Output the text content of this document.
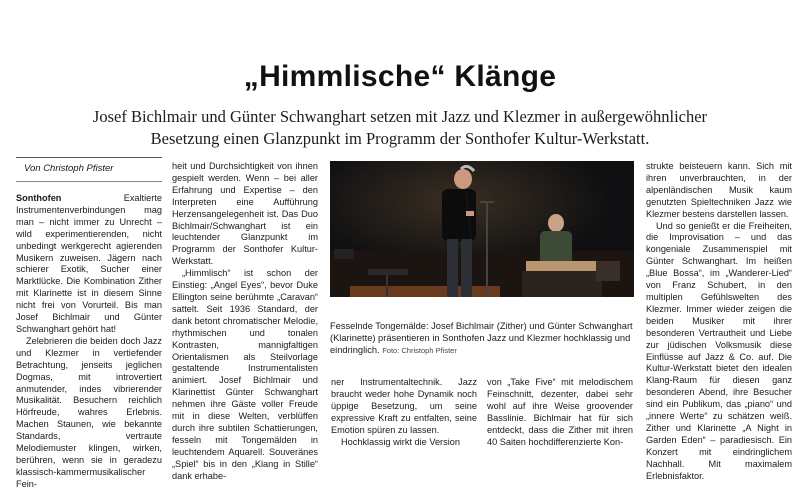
„Himmlische“ Klänge
Josef Bichlmair und Günter Schwanghart setzen mit Jazz und Klezmer in außergewöhnlicher
Besetzung einen Glanzpunkt im Programm der Sonthofer Kultur-Werkstatt.
Von Christoph Pfister

Sonthofen	Exaltierte Instrumentenverbindungen mag man – nicht immer zu Unrecht – wild experimentierenden, nicht unbedingt werkgerecht agierenden Musikern zuweisen. Jägern nach schierer Exotik, Sucher einer Marktlücke. Die Kombination Zither mit Klarinette ist in diesem Sinne nicht frei von Vorurteil. Bis man Josef Bichlmair und Günter Schwanghart gehört hat!

Zelebrieren die beiden doch Jazz und Klezmer in vertiefender Betrachtung, jenseits jeglichen Dogmas, mit introvertiert anmutender, indes vibrierender Musikalität. Besuchern reichlich Hörfreude, wahres Erlebnis. Machen Staunen, wie bekannte Standards, vertraute Melodiemuster klingen, wirken, berühren, wenn sie in geradezu klassisch-kammermusikalischer Fein-

heit und Durchsichtigkeit von ihnen gespielt werden. Wenn – bei aller Erfahrung und Expertise – den Interpreten eine Aufführung Herzensangelegenheit ist. Das Duo Bichlmair/Schwanghart ist ein leuchtender Glanzpunkt im Programm der Sonthofer Kultur-Werkstatt.

„Himmlisch“ ist schon der Einstieg: „Angel Eyes“, bevor Duke Ellington seine berühmte „Caravan“ sattelt. Seit 1936 Standard, der dank betont chromatischer Melodie, rhythmischen und tonalen Kontrasten, mannigfaltigen Orientalismen als Steilvorlage gestaltende Instrumentalisten animiert. Josef Bichlmair und Klarinettist Günter Schwanghart nehmen ihre Gäste voller Freude mit in diese Welten, verblüffen durch ihre subtilen Schattierungen, fesseln mit Tongemälden in leuchtendem Aquarell. Souveränes „Spiel“ bis in den „Klang in Stille“ dank erhabe-

Fesselnde Tongemälde: Josef Bichlmair (Zither) und Günter Schwanghart (Klarinette) präsentieren in Sonthofen Jazz und Klezmer hochklassig und eindringlich. Foto: Christoph Pfister

ner Instrumentaltechnik. Jazz braucht weder hohe Dynamik noch üppige Besetzung, um seine expressive Kraft zu entfalten, seine Emotion spüren zu lassen.

Hochklassig wirkt die Version

von „Take Five“ mit melodischem Feinschnitt, dezenter, dabei sehr wohl auf ihre Weise groovender Basslinie. Bichlmair hat für sich entdeckt, dass die Zither mit ihren 40 Saiten hochdifferenzierte Kon-

strukte beisteuern kann. Sich mit ihren unverbrauchten, in der alpenländischen Musik kaum genutzten Spieltechniken Jazz wie Klezmer bestens darstellen lassen.

Und so genießt er die Freiheiten, die Improvisation – und das kongeniale Zusammenspiel mit Günter Schwanghart. Im heißen „Blue Bossa“, im „Wanderer-Lied“ von Franz Schubert, in den multiplen Gefühlswelten des Klezmer. Immer wieder zeigen die beiden Musiker mit ihrer besonderen Vertrautheit und Liebe zur jüdischen Volksmusik diese Einflüsse auf Jazz & Co. auf. Die Kultur-Werkstatt bietet den idealen Klang-Raum für diesen ganz besonderen Abend, ihre Besucher sind ein Publikum, das „piano“ und „innere Werte“ zu schätzen weiß. Zither und Klarinette „A Night in Garden Eden“ – paradiesisch. Ein Konzert mit eindringlichem Nachhall. Mit maximalem Erlebnisfaktor.
